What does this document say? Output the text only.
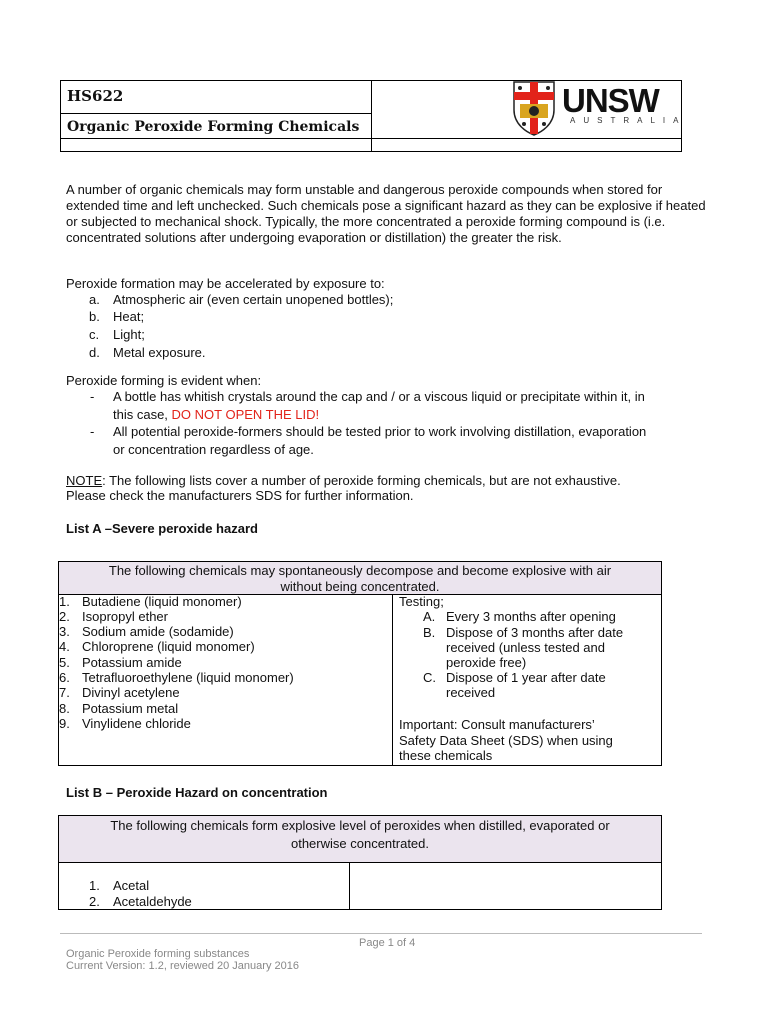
HS622
Organic Peroxide Forming Chemicals
UNSW
AUSTRALIA

A number of organic chemicals may form unstable and dangerous peroxide compounds when stored for extended time and left unchecked. Such chemicals pose a significant hazard as they can be explosive if heated or subjected to mechanical shock. Typically, the more concentrated a peroxide forming compound is (i.e. concentrated solutions after undergoing evaporation or distillation) the greater the risk.

Peroxide formation may be accelerated by exposure to:
a. Atmospheric air (even certain unopened bottles);
b. Heat;
c. Light;
d. Metal exposure.
Peroxide forming is evident when:
- A bottle has whitish crystals around the cap and / or a viscous liquid or precipitate within it, in
this case, DO NOT OPEN THE LID!
- All potential peroxide-formers should be tested prior to work involving distillation, evaporation
or concentration regardless of age.
NOTE: The following lists cover a number of peroxide forming chemicals, but are not exhaustive.
Please check the manufacturers SDS for further information.
List A –Severe peroxide hazard
The following chemicals may spontaneously decompose and become explosive with air
without being concentrated.
1. Butadiene (liquid monomer)
2. Isopropyl ether
3. Sodium amide (sodamide)
4. Chloroprene (liquid monomer)
5. Potassium amide
6. Tetrafluoroethylene (liquid monomer)
7. Divinyl acetylene
8. Potassium metal
9. Vinylidene chloride
Testing;
A. Every 3 months after opening
B. Dispose of 3 months after date
received (unless tested and
peroxide free)
C. Dispose of 1 year after date
received
Important: Consult manufacturers’
Safety Data Sheet (SDS) when using
these chemicals
List B – Peroxide Hazard on concentration
The following chemicals form explosive level of peroxides when distilled, evaporated or
otherwise concentrated.
1. Acetal
2. Acetaldehyde
Page 1 of 4
Organic Peroxide forming substances
Current Version: 1.2, reviewed 20 January 2016
